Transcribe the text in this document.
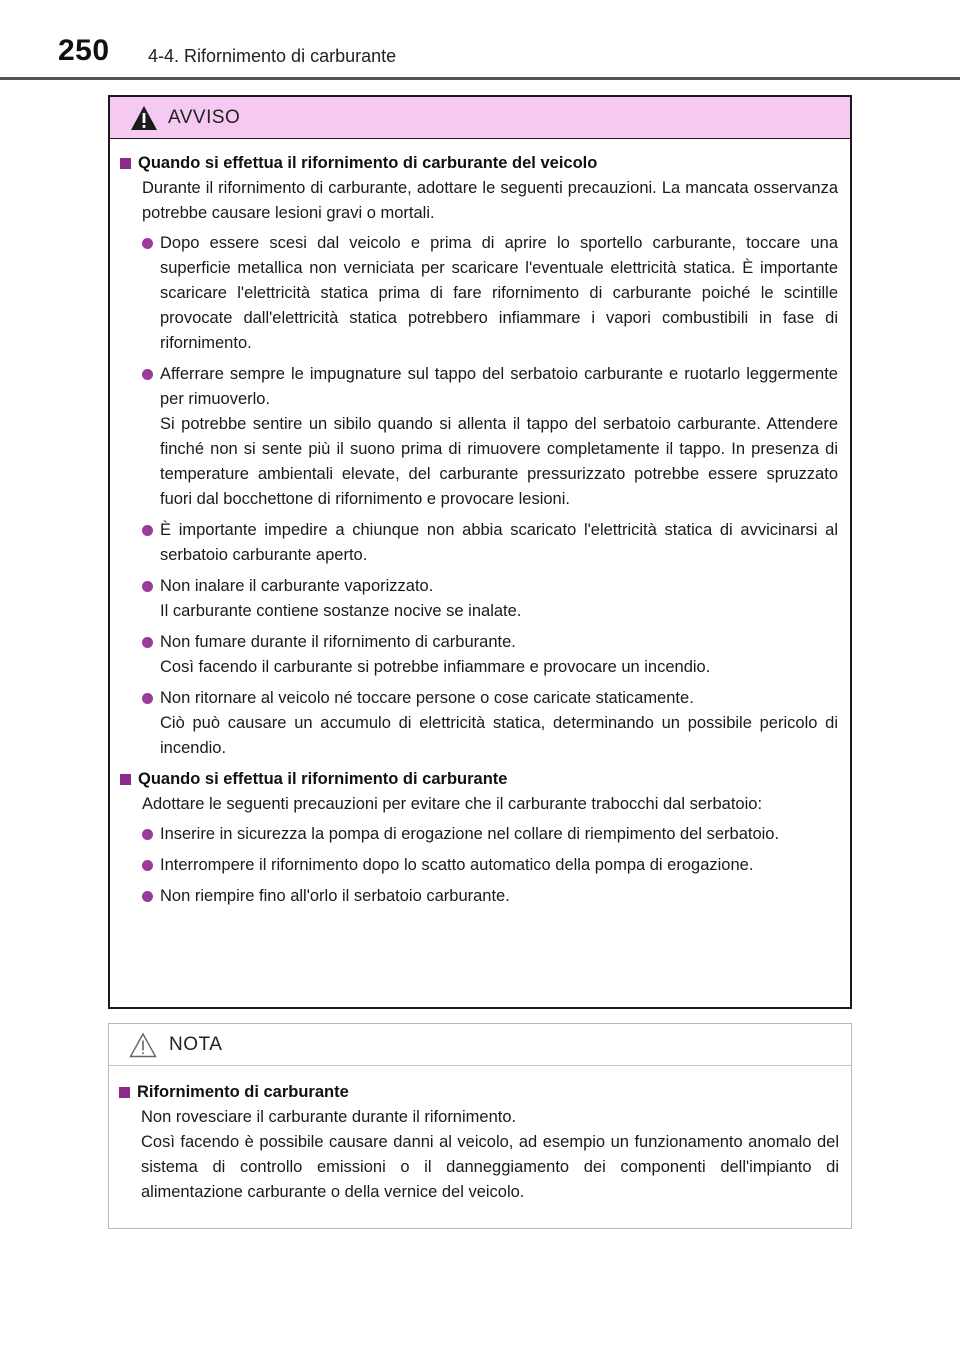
250 4-4. Rifornimento di carburante
AVVISO
Quando si effettua il rifornimento di carburante del veicolo

Durante il rifornimento di carburante, adottare le seguenti precauzioni. La mancata osservanza potrebbe causare lesioni gravi o mortali.

Dopo essere scesi dal veicolo e prima di aprire lo sportello carburante, toccare una superficie metallica non verniciata per scaricare l'eventuale elettricità statica. È importante scaricare l'elettricità statica prima di fare rifornimento di carburante poiché le scintille provocate dall'elettricità statica potrebbero infiammare i vapori combustibili in fase di rifornimento.

Afferrare sempre le impugnature sul tappo del serbatoio carburante e ruotarlo leggermente per rimuoverlo.

Si potrebbe sentire un sibilo quando si allenta il tappo del serbatoio carburante. Attendere finché non si sente più il suono prima di rimuovere completamente il tappo. In presenza di temperature ambientali elevate, del carburante pressurizzato potrebbe essere spruzzato fuori dal bocchettone di rifornimento e provocare lesioni.

È importante impedire a chiunque non abbia scaricato l'elettricità statica di avvicinarsi al serbatoio carburante aperto.

Non inalare il carburante vaporizzato.

Il carburante contiene sostanze nocive se inalate.

Non fumare durante il rifornimento di carburante.

Così facendo il carburante si potrebbe infiammare e provocare un incendio.

Non ritornare al veicolo né toccare persone o cose caricate staticamente.

Ciò può causare un accumulo di elettricità statica, determinando un possibile pericolo di incendio.

Quando si effettua il rifornimento di carburante

Adottare le seguenti precauzioni per evitare che il carburante trabocchi dal serbatoio:

Inserire in sicurezza la pompa di erogazione nel collare di riempimento del serbatoio.

Interrompere il rifornimento dopo lo scatto automatico della pompa di erogazione.

Non riempire fino all'orlo il serbatoio carburante.

NOTA
Rifornimento di carburante

Non rovesciare il carburante durante il rifornimento.

Così facendo è possibile causare danni al veicolo, ad esempio un funzionamento anomalo del sistema di controllo emissioni o il danneggiamento dei componenti dell'impianto di alimentazione carburante o della vernice del veicolo.
